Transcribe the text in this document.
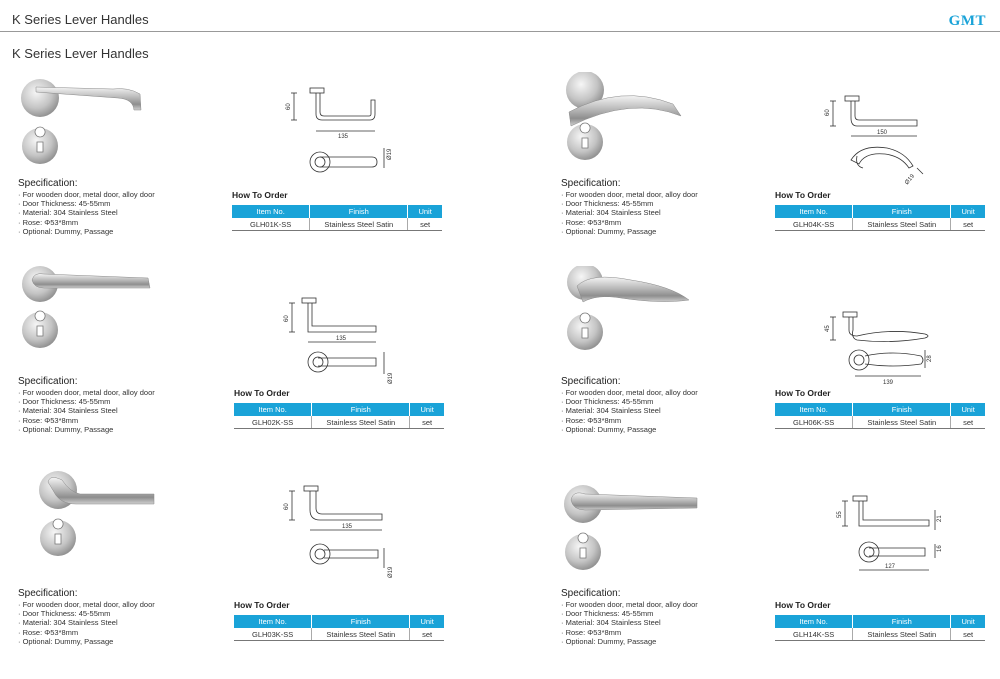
K Series Lever Handles	GMT
K Series Lever Handles
Specification:
· For wooden door, metal door, alloy door
· Door Thickness: 45-55mm
· Material: 304 Stainless Steel
· Rose: Φ53*8mm
· Optional: Dummy, Passage
60
135
Ø19
How To Order
Item No.	Finish	Unit
GLH01K-SS	Stainless Steel Satin	set
Specification:
· For wooden door, metal door, alloy door
· Door Thickness: 45-55mm
· Material: 304 Stainless Steel
· Rose: Φ53*8mm
· Optional: Dummy, Passage
60
135
Ø19
How To Order
Item No.	Finish	Unit
GLH02K-SS	Stainless Steel Satin	set
Specification:
· For wooden door, metal door, alloy door
· Door Thickness: 45-55mm
· Material: 304 Stainless Steel
· Rose: Φ53*8mm
· Optional: Dummy, Passage
60
135
Ø19
How To Order
Item No.	Finish	Unit
GLH03K-SS	Stainless Steel Satin	set
Specification:
· For wooden door, metal door, alloy door
· Door Thickness: 45-55mm
· Material: 304 Stainless Steel
· Rose: Φ53*8mm
· Optional: Dummy, Passage
60
150
Ø19
How To Order
Item No.	Finish	Unit
GLH04K-SS	Stainless Steel Satin	set
Specification:
· For wooden door, metal door, alloy door
· Door Thickness: 45-55mm
· Material: 304 Stainless Steel
· Rose: Φ53*8mm
· Optional: Dummy, Passage
45
28
139
How To Order
Item No.	Finish	Unit
GLH06K-SS	Stainless Steel Satin	set
Specification:
· For wooden door, metal door, alloy door
· Door Thickness: 45-55mm
· Material: 304 Stainless Steel
· Rose: Φ53*8mm
· Optional: Dummy, Passage
55
21
16
127
How To Order
Item No.	Finish	Unit
GLH14K-SS	Stainless Steel Satin	set
